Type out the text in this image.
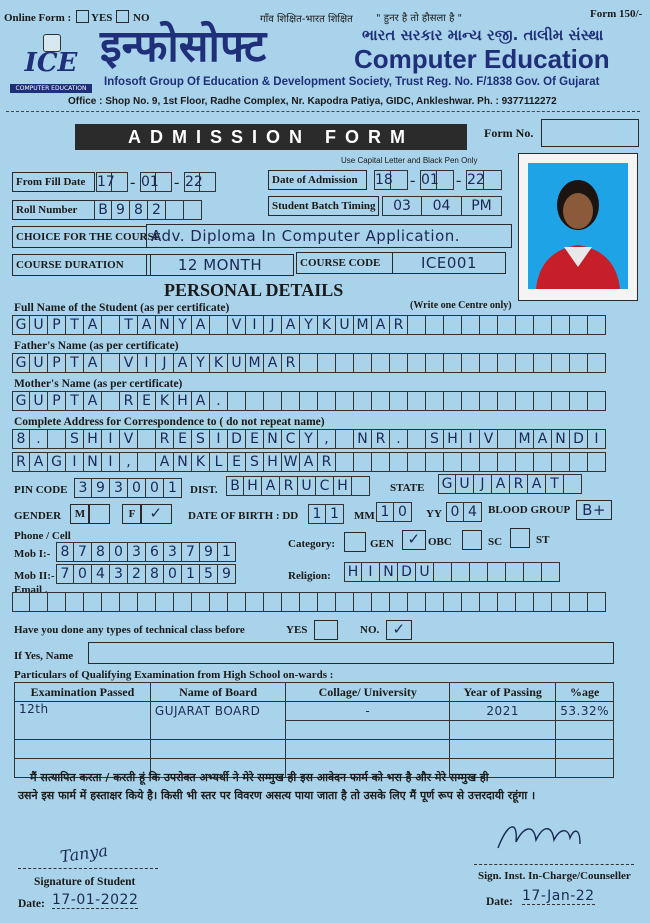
Online Form : YES NO	गाँव शिक्षित-भारत शिक्षित " हुनर है तो हौसला है "	Form 150/-
ICE
COMPUTER EDUCATION
इन्फोसोफ्ट	ભારત સરકાર માન્ય રજી. તાલીમ સંસ્થા
Computer Education
Infosoft Group Of Education & Development Society, Trust Reg. No. F/1838 Gov. Of Gujarat
Office : Shop No. 9, 1st Floor, Radhe Complex, Nr. Kapodra Patiya, GIDC, Ankleshwar. Ph. : 9377112272
ADMISSION FORM	Form No.
Use Capital Letter and Black Pen Only
From Fill Date 17 - 01 - 22	Date of Admission	18 - 01 - 22
Roll Number	B 9 8 2	Student Batch Timing	03	04	PM
CHOICE FOR THE COURSE
Adv. Diploma In Computer Application.
COURSE DURATION	12 MONTH	COURSE CODE	ICE001
PERSONAL DETAILS
Full Name of the Student (as per certificate)	(Write one Centre only)
G U P T A	T A N Y A	V I J A Y K U M A R
Father's Name (as per certificate)
G U P T A	V I J A Y K U M A R
Mother's Name (as per certificate)
G U P T A	R E K H A .
Complete Address for Correspondence to ( do not repeat name)
8 .	S H I V	R E S I D E N C Y ,	N R .	S H I V	M A N D I
R A G I N I ,	A N K L E S H W A R
PIN CODE 3 9 3 0 0 1	DIST. B H A R U C H	STATE G U J A R A T
GENDER	M	F ✓	DATE OF BIRTH : DD	1 1	MM 1 0	YY 0 4	BLOOD GROUP B+
Phone / Cell
Mob I:- 8 7 8 0 3 6 3 7 9 1
Mob II:- 7 0 4 3 2 8 0 1 5 9
Category:	GEN ✓ OBC	SC	ST
Religion: H I N D U
Email .
Have you done any types of technical class before	YES	NO. ✓
If Yes, Name
Particulars of Qualifying Examination from High School on-wards :
Examination Passed	Name of Board	Collage/ University	Year of Passing	%age
12th	GUJARAT BOARD	-	2021	53.32%

मैं सत्यापित करता / करती हूं कि उपरोक्त अभ्यर्थी ने मेरे सम्मुख ही इस आवेदन फार्म को भरा है और मेरे सम्मुख ही
उसने इस फार्म में हस्ताक्षर किये है। किसी भी स्तर पर विवरण असत्य पाया जाता है तो उसके लिए मैं पूर्ण रूप से उत्तरदायी रहूंगा ।
Tanya
Signature of Student
Date: 17-01-2022
Sign. Inst. In-Charge/Counseller
Date: 17-Jan-22
